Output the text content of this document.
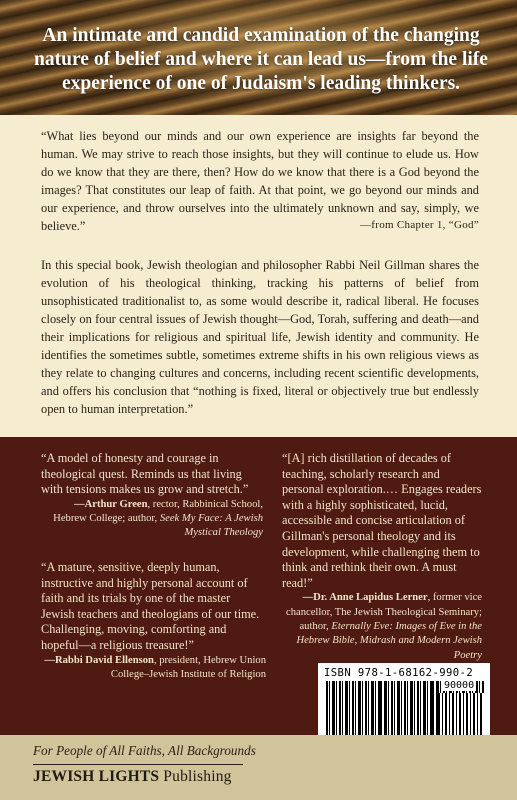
An intimate and candid examination of the changing nature of belief and where it can lead us—from the life experience of one of Judaism's leading thinkers.

“What lies beyond our minds and our own experience are insights far beyond the human. We may strive to reach those insights, but they will continue to elude us. How do we know that they are there, then? How do we know that there is a God beyond the images? That constitutes our leap of faith. At that point, we go beyond our minds and our experience, and throw ourselves into the ultimately unknown and say, simply, we believe.”	—from Chapter 1, “God”

In this special book, Jewish theologian and philosopher Rabbi Neil Gillman shares the evolution of his theological thinking, tracking his patterns of belief from unsophisticated traditionalist to, as some would describe it, radical liberal. He focuses closely on four central issues of Jewish thought—God, Torah, suffering and death—and their implications for religious and spiritual life, Jewish identity and community. He identifies the sometimes subtle, sometimes extreme shifts in his own religious views as they relate to changing cultures and concerns, including recent scientific developments, and offers his conclusion that “nothing is fixed, literal or objectively true but endlessly open to human interpretation.”

“A model of honesty and courage in theological quest. Reminds us that living with tensions makes us grow and stretch.”

—Arthur Green, rector, Rabbinical School, Hebrew College; author, Seek My Face: A Jewish Mystical Theology

“A mature, sensitive, deeply human, instructive and highly personal account of faith and its trials by one of the master Jewish teachers and theologians of our time. Challenging, moving, comforting and hopeful—a religious treasure!”

—Rabbi David Ellenson, president, Hebrew Union College–Jewish Institute of Religion

“[A] rich distillation of decades of teaching, scholarly research and personal exploration.… Engages readers with a highly sophisticated, lucid, accessible and concise articulation of Gillman's personal theology and its development, while challenging them to think and rethink their own. A must read!”

—Dr. Anne Lapidus Lerner, former vice chancellor, The Jewish Theological Seminary; author, Eternally Eve: Images of Eve in the Hebrew Bible, Midrash and Modern Jewish Poetry

ISBN 978-1-68162-990-2
90000
For People of All Faiths, All Backgrounds
JEWISH LIGHTS Publishing
